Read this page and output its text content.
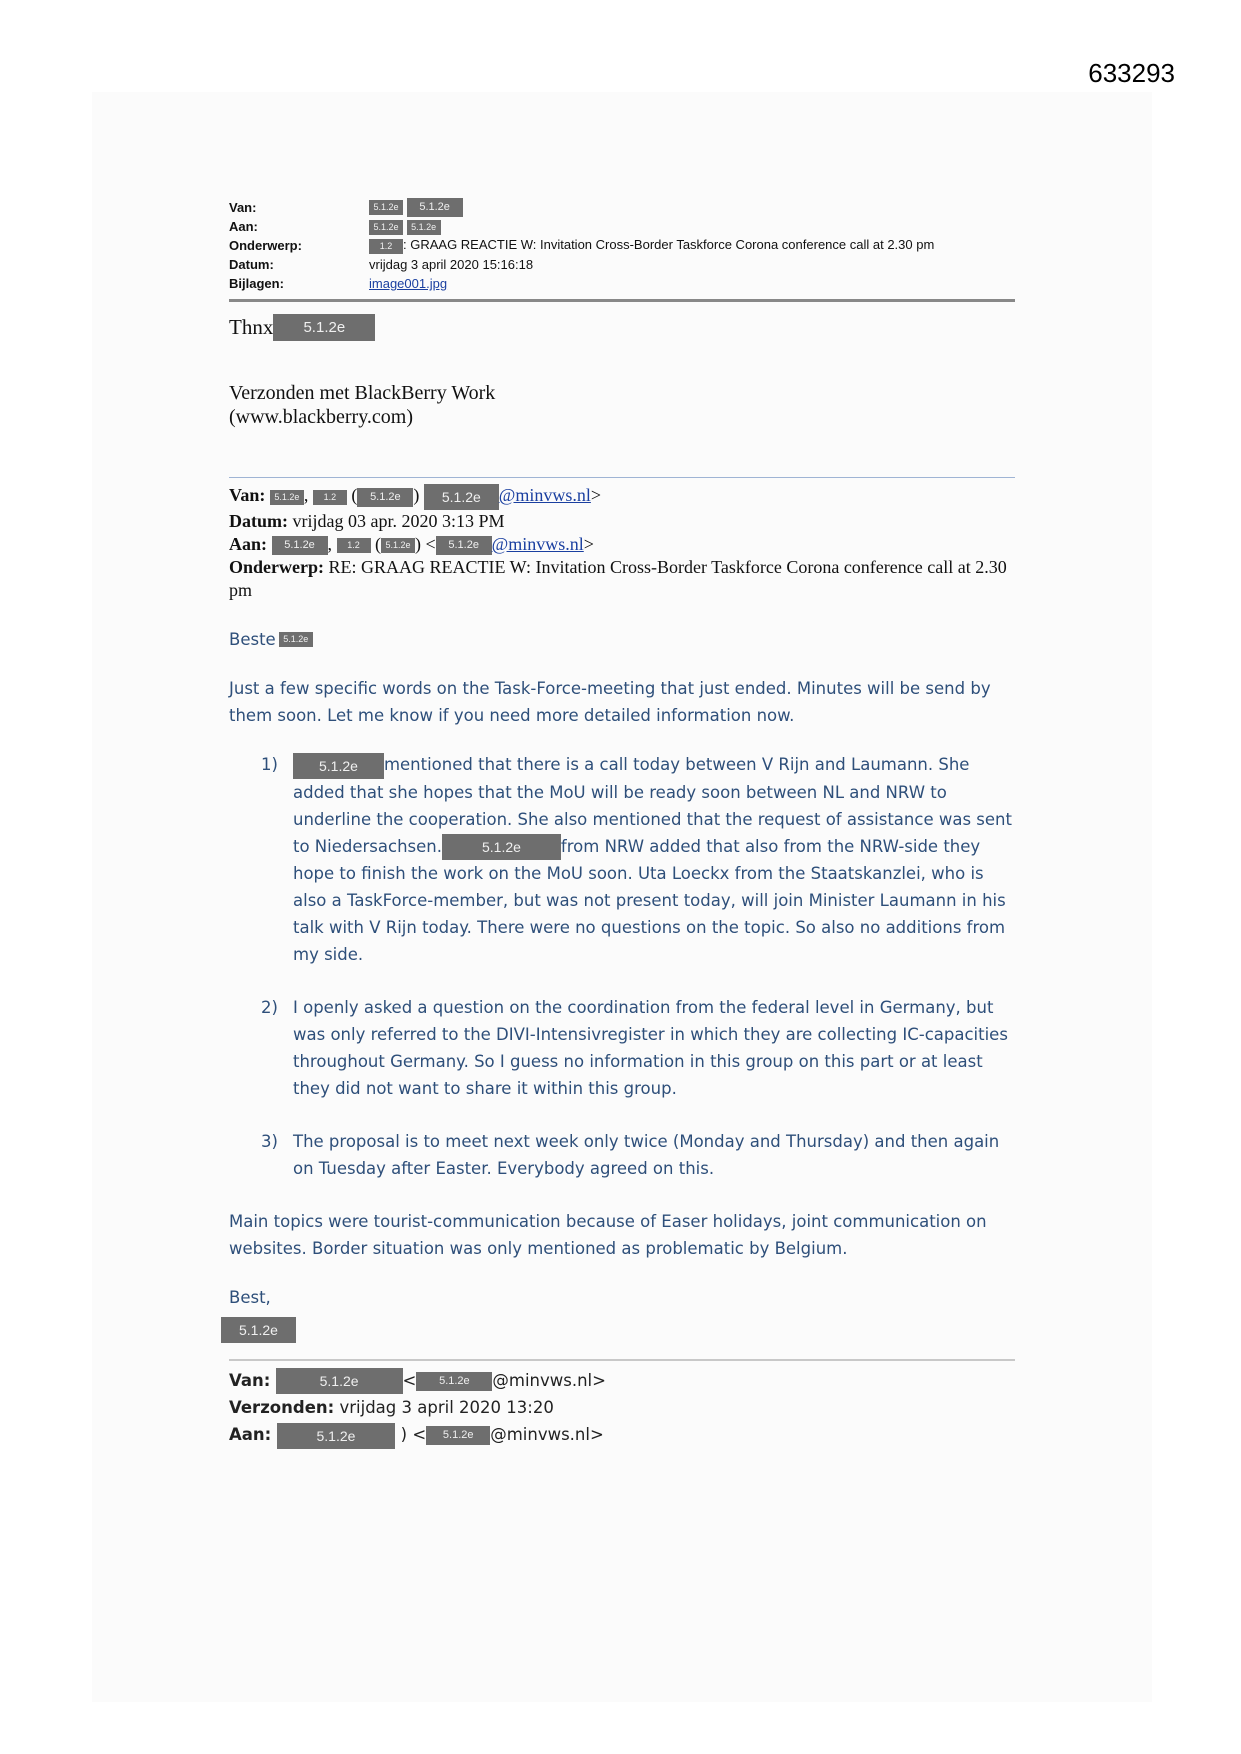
633293
Van:	5.1.2e 5.1.2e
Aan:	5.1.2e 5.1.2e
Onderwerp:	1.2 : GRAAG REACTIE W: Invitation Cross-Border Taskforce Corona conference call at 2.30 pm
Datum:	vrijdag 3 april 2020 15:16:18
Bijlagen:	image001.jpg
Thnx	5.1.2e
Verzonden met BlackBerry Work
(www.blackberry.com)
Van: 5.1.2e , 1.2 ( 5.1.2e ) 5.1.2e @minvws.nl>
Datum: vrijdag 03 apr. 2020 3:13 PM
Aan: 5.1.2e , 1.2 ( 5.1.2e ) < 5.1.2e @minvws.nl>
Onderwerp: RE: GRAAG REACTIE W: Invitation Cross-Border Taskforce Corona conference call at 2.30 pm
Beste 5.1.2e
Just a few specific words on the Task-Force-meeting that just ended. Minutes will be send by them soon. Let me know if you need more detailed information now.
1)	5.1.2e mentioned that there is a call today between V Rijn and Laumann. She added that she hopes that the MoU will be ready soon between NL and NRW to underline the cooperation. She also mentioned that the request of assistance was sent to Niedersachsen.	5.1.2e from NRW added that also from the NRW-side they hope to finish the work on the MoU soon. Uta Loeckx from the Staatskanzlei, who is also a TaskForce-member, but was not present today, will join Minister Laumann in his talk with V Rijn today. There were no questions on the topic. So also no additions from my side.
2) I openly asked a question on the coordination from the federal level in Germany, but was only referred to the DIVI-Intensivregister in which they are collecting IC-capacities throughout Germany. So I guess no information in this group on this part or at least they did not want to share it within this group.
3) The proposal is to meet next week only twice (Monday and Thursday) and then again on Tuesday after Easter. Everybody agreed on this.
Main topics were tourist-communication because of Easer holidays, joint communication on websites. Border situation was only mentioned as problematic by Belgium.
Best,
5.1.2e
Van:	5.1.2e	< 5.1.2e @minvws.nl>
Verzonden: vrijdag 3 april 2020 13:20
Aan:	5.1.2e ) < 5.1.2e @minvws.nl>
